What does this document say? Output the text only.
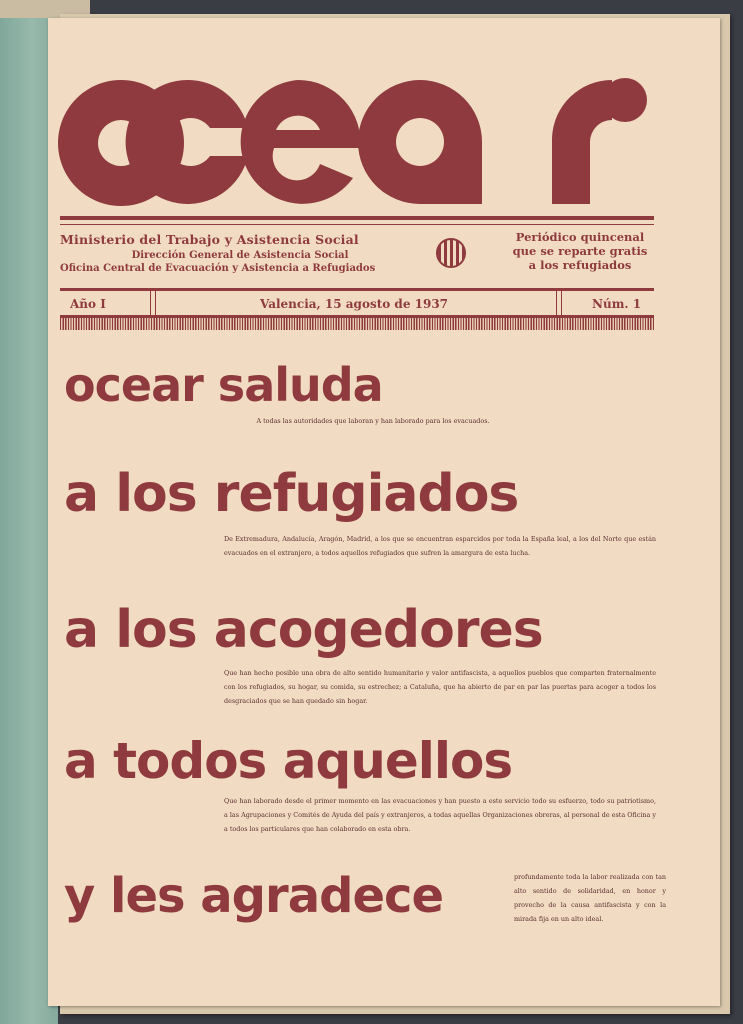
Ministerio del Trabajo y Asistencia Social
Dirección General de Asistencia Social
Oficina Central de Evacuación y Asistencia a Refugiados
Periódico quincenal
que se reparte gratis
a los refugiados
Año I	Valencia, 15 agosto de 1937	Núm. 1
ocear saluda
A todas las autoridades que laboran y han laborado para los evacuados.
a los refugiados
De Extremadura, Andalucía, Aragón, Madrid, a los que se encuentran esparcidos por toda la España leal, a los del Norte que están evacuados en el extranjero, a todos aquellos refugiados que sufren la amargura de esta lucha.
a los acogedores
Que han hecho posible una obra de alto sentido humanitario y valor antifascista, a aquellos pueblos que comparten fraternalmente con los refugiados, su hogar, su comida, su estrechez; a Cataluña, que ha abierto de par en par las puertas para acoger a todos los desgraciados que se han quedado sin hogar.
a todos aquellos
Que han laborado desde el primer momento en las evacuaciones y han puesto a este servicio todo su esfuerzo, todo su patriotismo, a las Agrupaciones y Comités de Ayuda del país y extranjeros, a todas aquellas Organizaciones obreras, al personal de esta Oficina y a todos los particulares que han colaborado en esta obra.
y les agradece	profundamente toda la labor realizada con tan alto sentido de solidaridad, en honor y provecho de la causa antifascista y con la mirada fija en un alto ideal.
